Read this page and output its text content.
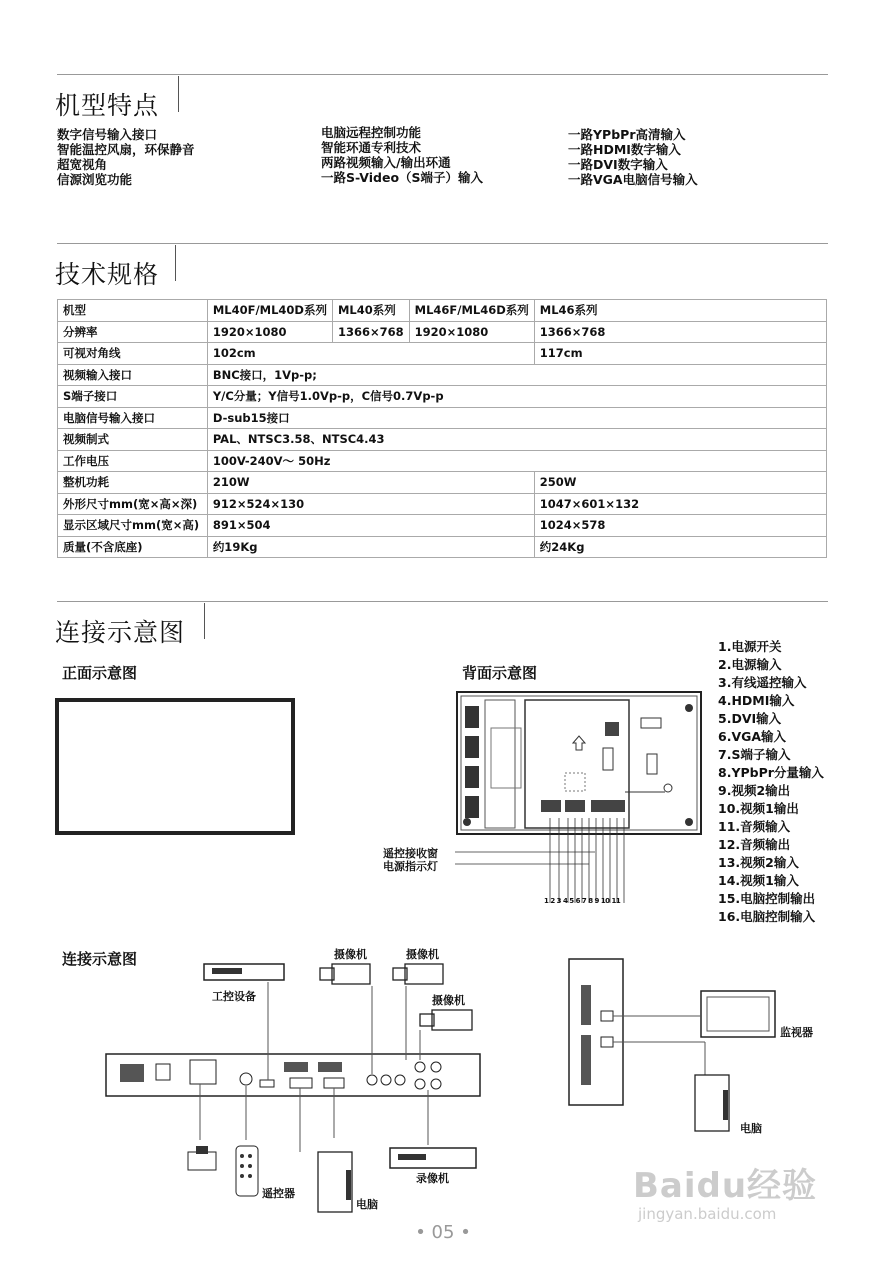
机型特点
数字信号输入接口
智能温控风扇，环保静音
超宽视角
信源浏览功能
电脑远程控制功能
智能环通专利技术
两路视频输入/输出环通
一路S-Video（S端子）输入
一路YPbPr高清输入
一路HDMI数字输入
一路DVI数字输入
一路VGA电脑信号输入
技术规格
机型	ML40F/ML40D系列	ML40系列	ML46F/ML46D系列	ML46系列
分辨率	1920×1080	1366×768	1920×1080	1366×768
可视对角线	102cm			117cm
视频输入接口	BNC接口，1Vp-p;			
S端子接口	Y/C分量；Y信号1.0Vp-p，C信号0.7Vp-p			
电脑信号输入接口	D-sub15接口			
视频制式	PAL、NTSC3.58、NTSC4.43			
工作电压	100V-240V～ 50Hz			
整机功耗	210W			250W
外形尺寸mm(宽×高×深)	912×524×130			1047×601×132
显示区域尺寸mm(宽×高)	891×504			1024×578
质量(不含底座)	约19Kg			约24Kg
连接示意图
正面示意图	背面示意图
遥控接收窗
电源指示灯
1 2 3 4 5 6 7 8 9 10 11
1.电源开关
2.电源输入
3.有线遥控输入
4.HDMI输入
5.DVI输入
6.VGA输入
7.S端子输入
8.YPbPr分量输入
9.视频2输出
10.视频1输出
11.音频输入
12.音频输出
13.视频2输入
14.视频1输入
15.电脑控制输出
16.电脑控制输入
连接示意图
工控设备
摄像机	摄像机
摄像机
遥控器
电脑
录像机
监视器
电脑
• 05 •
Baidu经验
jingyan.baidu.com
